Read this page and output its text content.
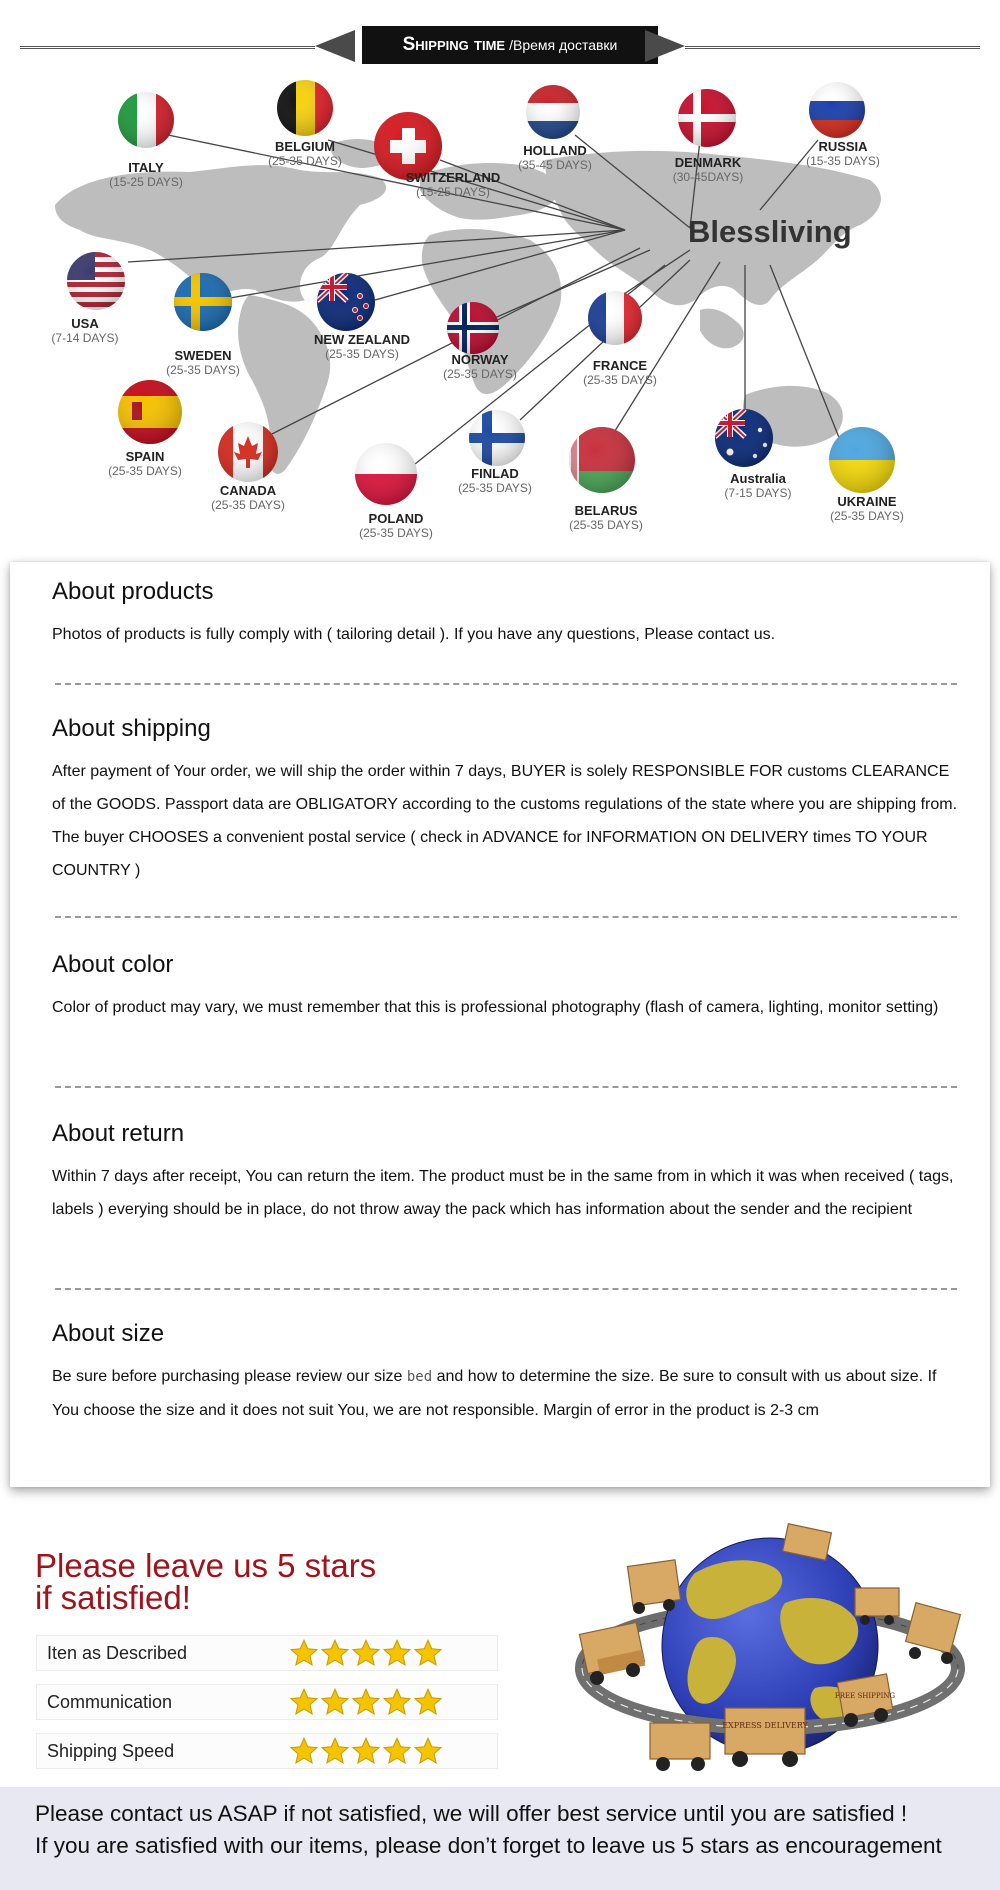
Shipping time /Время доставки
Blessliving
ITALY
(15-25 DAYS)
BELGIUM
(25-35 DAYS)
SWITZERLAND
(15-25 DAYS)
HOLLAND
(35-45 DAYS)	DENMARK
(30-45DAYS)
RUSSIA
(15-35 DAYS)
USA
(7-14 DAYS)
SWEDEN
(25-35 DAYS)
NEW ZEALAND
(25-35 DAYS)	NORWAY
(25-35 DAYS)
FRANCE
(25-35 DAYS)
SPAIN
(25-35 DAYS)
CANADA
(25-35 DAYS)
POLAND
(25-35 DAYS)
FINLAD
(25-35 DAYS)
BELARUS
(25-35 DAYS)
Australia
(7-15 DAYS)
UKRAINE
(25-35 DAYS)
About products

Photos of products is fully comply with ( tailoring detail ). If you have any questions, Please contact us.

About shipping

After payment of Your order, we will ship the order within 7 days, BUYER is solely RESPONSIBLE FOR customs CLEARANCE of the GOODS. Passport data are OBLIGATORY according to the customs regulations of the state where you are shipping from. The buyer CHOOSES a convenient postal service ( check in ADVANCE for INFORMATION ON DELIVERY times TO YOUR COUNTRY )

About color

Color of product may vary, we must remember that this is professional photography (flash of camera, lighting, monitor setting)

About return

Within 7 days after receipt, You can return the item. The product must be in the same from in which it was when received ( tags, labels ) everying should be in place, do not throw away the pack which has information about the sender and the recipient

About size

Be sure before purchasing please review our size bed and how to determine the size. Be sure to consult with us about size. If You choose the size and it does not suit You, we are not responsible. Margin of error in the product is 2-3 cm

Please leave us 5 stars
if satisfied!
Iten as Described
Communication
Shipping Speed
EXPRESS DELIVERY
FREE SHIPPING

Please contact us ASAP if not satisfied, we will offer best service until you are satisfied !

If you are satisfied with our items, please don’t forget to leave us 5 stars as encouragement
